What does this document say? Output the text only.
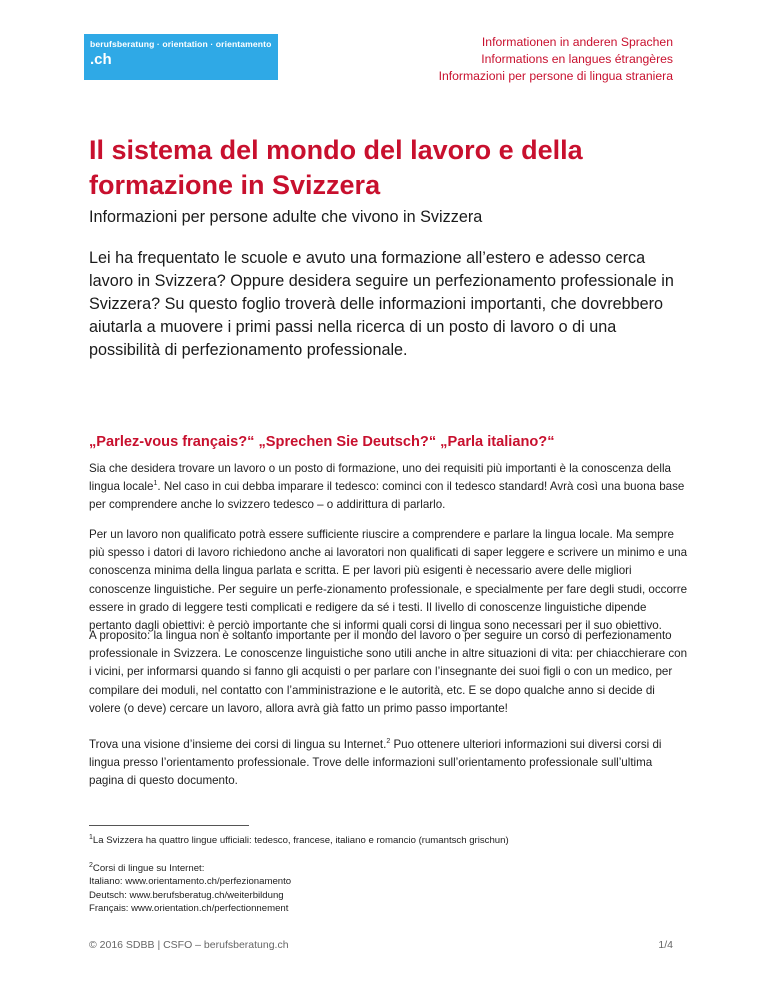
berufsberatung · orientation · orientamento
.ch
Informationen in anderen Sprachen
Informations en langues étrangères
Informazioni per persone di lingua straniera
Il sistema del mondo del lavoro e della formazione in Svizzera

Informazioni per persone adulte che vivono in Svizzera

Lei ha frequentato le scuole e avuto una formazione all’estero e adesso cerca lavoro in Svizzera? Oppure desidera seguire un perfezionamento professionale in Svizzera? Su questo foglio troverà delle informazioni importanti, che dovrebbero aiutarla a muovere i primi passi nella ricerca di un posto di lavoro o di una possibilità di perfezionamento professionale.

„Parlez-vous français?“ „Sprechen Sie Deutsch?“ „Parla italiano?“

Sia che desidera trovare un lavoro o un posto di formazione, uno dei requisiti più importanti è la conoscenza della lingua locale$^1$. Nel caso in cui debba imparare il tedesco: cominci con il tedesco standard! Avrà così una buona base per comprendere anche lo svizzero tedesco – o addirittura di parlarlo.

Per un lavoro non qualificato potrà essere sufficiente riuscire a comprendere e parlare la lingua locale. Ma sempre più spesso i datori di lavoro richiedono anche ai lavoratori non qualificati di saper leggere e scrivere un minimo e una conoscenza minima della lingua parlata e scritta. E per lavori più esigenti è necessario avere delle migliori conoscenze linguistiche. Per seguire un perfe-zionamento professionale, e specialmente per fare degli studi, occorre essere in grado di leggere testi complicati e redigere da sé i testi. Il livello di conoscenze linguistiche dipende pertanto dagli obiettivi: è perciò importante che si informi quali corsi di lingua sono necessari per il suo obiettivo.

A proposito: la lingua non è soltanto importante per il mondo del lavoro o per seguire un corso di perfezionamento professionale in Svizzera. Le conoscenze linguistiche sono utili anche in altre situazioni di vita: per chiacchierare con i vicini, per informarsi quando si fanno gli acquisti o per parlare con l’insegnante dei suoi figli o con un medico, per compilare dei moduli, nel contatto con l’amministrazione e le autorità, etc. E se dopo qualche anno si decide di volere (o deve) cercare un lavoro, allora avrà già fatto un primo passo importante!

Trova una visione d’insieme dei corsi di lingua su Internet.$^2$ Puo ottenere ulteriori informazioni sui diversi corsi di lingua presso l’orientamento professionale. Trove delle informazioni sull’orientamento professionale sull’ultima pagina di questo documento.

$^1$La Svizzera ha quattro lingue ufficiali: tedesco, francese, italiano e romancio (rumantsch grischun)

$^2$Corsi di lingue su Internet:
Italiano: www.orientamento.ch/perfezionamento
Deutsch: www.berufsberatug.ch/weiterbildung
Français: www.orientation.ch/perfectionnement
© 2016 SDBB | CSFO – berufsberatung.ch	1/4
